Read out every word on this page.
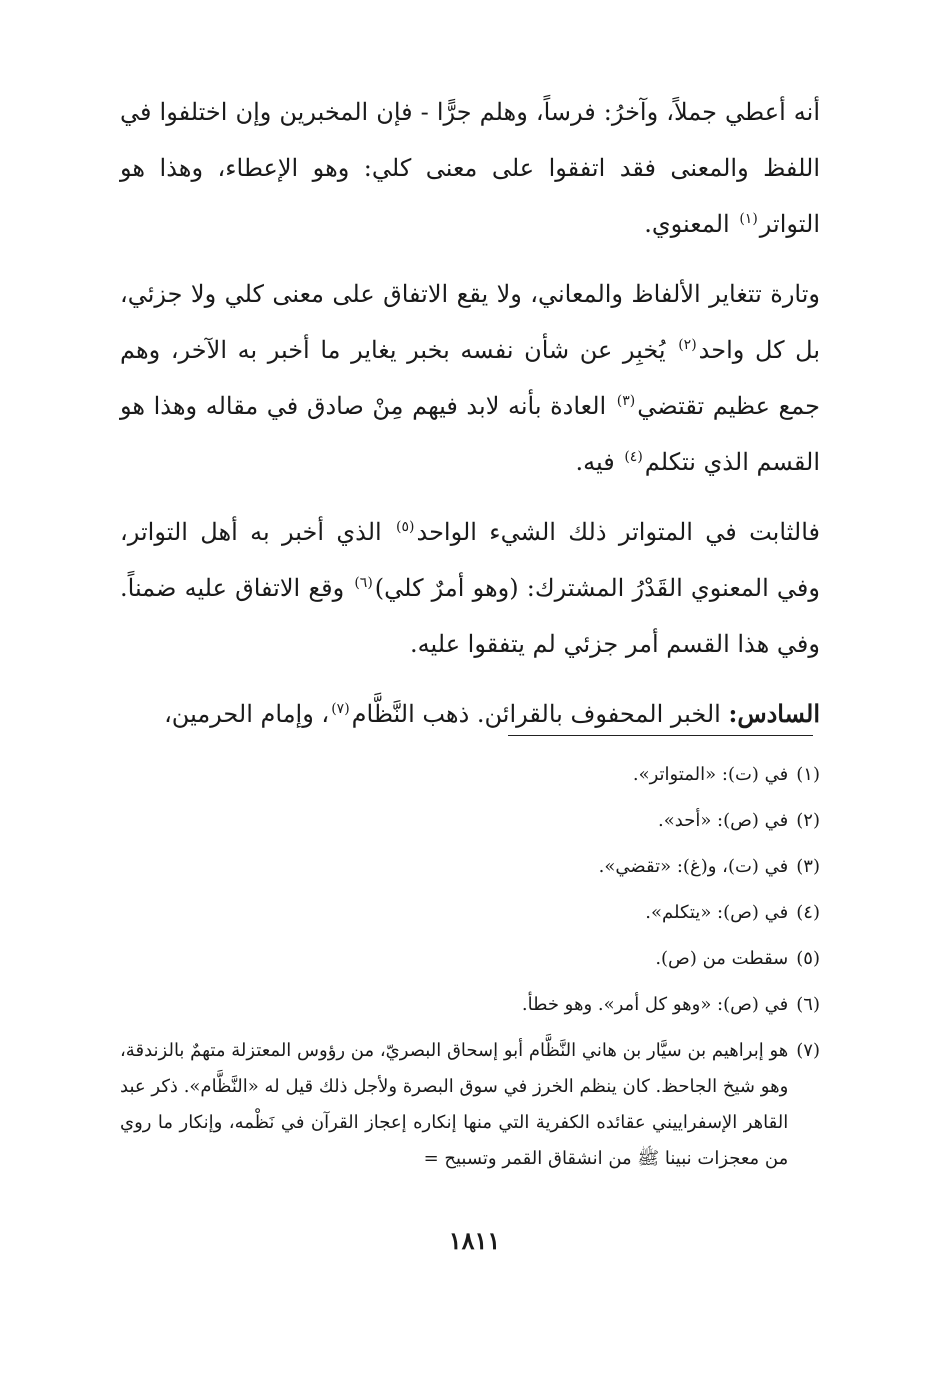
أنه أعطي جملاً، وآخرُ: فرساً، وهلم جرًّا - فإن المخبرين وإن اختلفوا في اللفظ والمعنى فقد اتفقوا على معنى كلي: وهو الإعطاء، وهذا هو التواتر$^{(١)}$ المعنوي.

وتارة تتغاير الألفاظ والمعاني، ولا يقع الاتفاق على معنى كلي ولا جزئي، بل كل واحد$^{(٢)}$ يُخبِر عن شأن نفسه بخبر يغاير ما أخبر به الآخر، وهم جمع عظيم تقتضي$^{(٣)}$ العادة بأنه لابد فيهم مِنْ صادق في مقاله وهذا هو القسم الذي نتكلم$^{(٤)}$ فيه.

فالثابت في المتواتر ذلك الشيء الواحد$^{(٥)}$ الذي أخبر به أهل التواتر، وفي المعنوي القَدْرُ المشترك: (وهو أمرٌ كلي)$^{(٦)}$ وقع الاتفاق عليه ضمناً. وفي هذا القسم أمر جزئي لم يتفقوا عليه.

السادس: الخبر المحفوف بالقرائن. ذهب النَّظَّام$^{(٧)}$، وإمام الحرمين،

(١)
في (ت): «المتواتر».
(٢)
في (ص): «أحد».
(٣)
في (ت)، و(غ): «تقضي».
(٤)
في (ص): «يتكلم».
(٥)
سقطت من (ص).
(٦)
في (ص): «وهو كل أمر». وهو خطأ.
(٧)
هو إبراهيم بن سيَّار بن هاني النَّظَّام أبو إسحاق البصريّ، من رؤوس المعتزلة متهمٌ بالزندقة، وهو شيخ الجاحظ. كان ينظم الخرز في سوق البصرة ولأجل ذلك قيل له «النَّظَّام». ذكر عبد القاهر الإسفراييني عقائده الكفرية التي منها إنكاره إعجاز القرآن في نَظْمه، وإنكار ما روي من معجزات نبينا ﷺ من انشقاق القمر وتسبيح =
١٨١١
